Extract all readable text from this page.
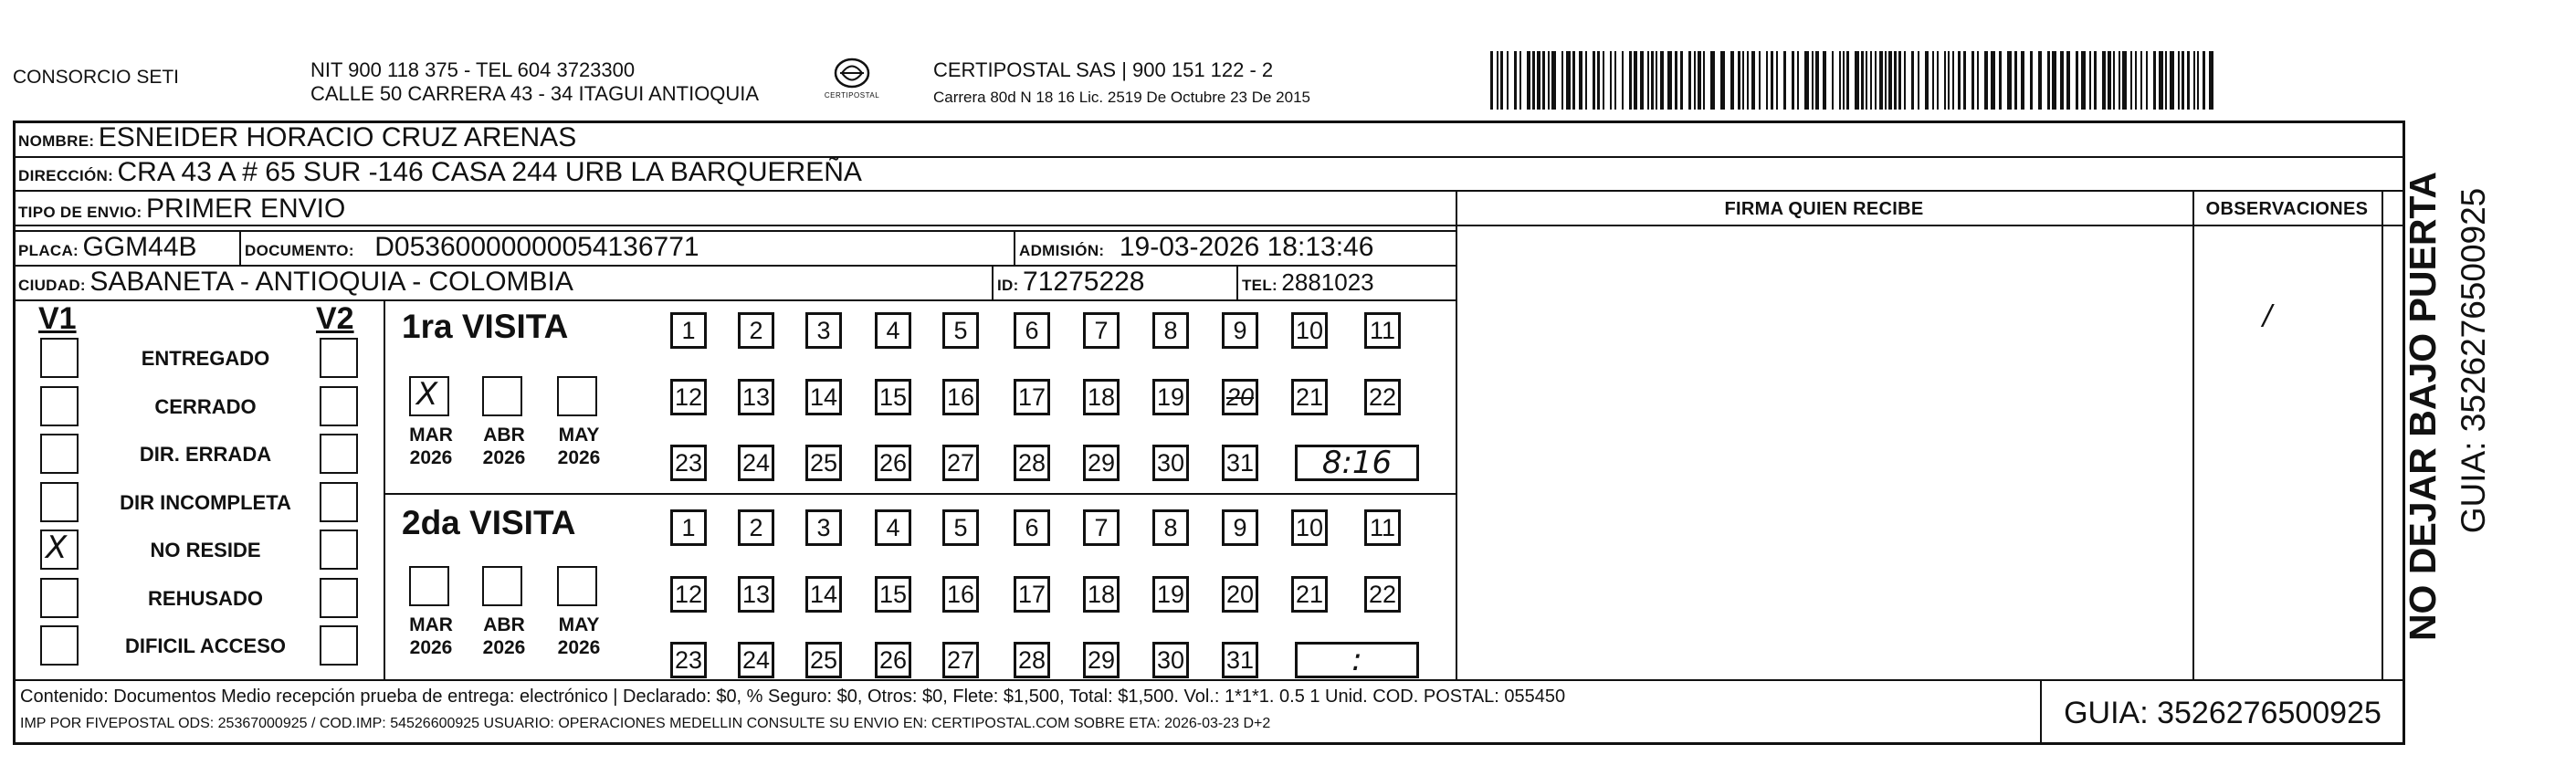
CONSORCIO SETI	NIT 900 118 375 - TEL 604 3723300
CALLE 50 CARRERA 43 - 34 ITAGUI ANTIOQUIA	CERTIPOSTAL
CERTIPOSTAL SAS | 900 151 122 - 2
Carrera 80d N 18 16 Lic. 2519 De Octubre 23 De 2015
NOMBRE: ESNEIDER HORACIO CRUZ ARENAS
DIRECCIÓN: CRA 43 A # 65 SUR -146 CASA 244 URB LA BARQUEREÑA
TIPO DE ENVIO: PRIMER ENVIO
PLACA: GGM44B	DOCUMENTO: D05360000000054136771	ADMISIÓN: 19-03-2026 18:13:46
CIUDAD: SABANETA - ANTIOQUIA - COLOMBIA	ID: 71275228	TEL: 2881023
FIRMA QUIEN RECIBE	OBSERVACIONES
/
V1	V2
ENTREGADO
CERRADO
DIR. ERRADA
DIR INCOMPLETA
X	NO RESIDE
REHUSADO
DIFICIL ACCESO
1ra VISITA
X
MAR
2026
ABR
2026
MAY
2026
1	2	3	4	5	6	7	8	9	10 11
12 13 14 15 16 17 18 19 20 21 22
23 24 25 26 27 28 29 30 31	8:16
2da VISITA
MAR
2026
ABR
2026
MAY
2026
1	2	3	4	5	6	7	8	9	10 11
12 13 14 15 16 17 18 19 20 21 22
23 24 25 26 27 28 29 30 31	:
Contenido: Documentos Medio recepción prueba de entrega: electrónico | Declarado: $0, % Seguro: $0, Otros: $0, Flete: $1,500, Total: $1,500. Vol.: 1*1*1. 0.5 1 Unid. COD. POSTAL: 055450
IMP POR FIVEPOSTAL ODS: 25367000925 / COD.IMP: 54526600925 USUARIO: OPERACIONES MEDELLIN CONSULTE SU ENVIO EN: CERTIPOSTAL.COM SOBRE ETA: 2026-03-23 D+2	GUIA: 3526276500925
NO DEJAR BAJO PUERTA GUIA: 3526276500925
